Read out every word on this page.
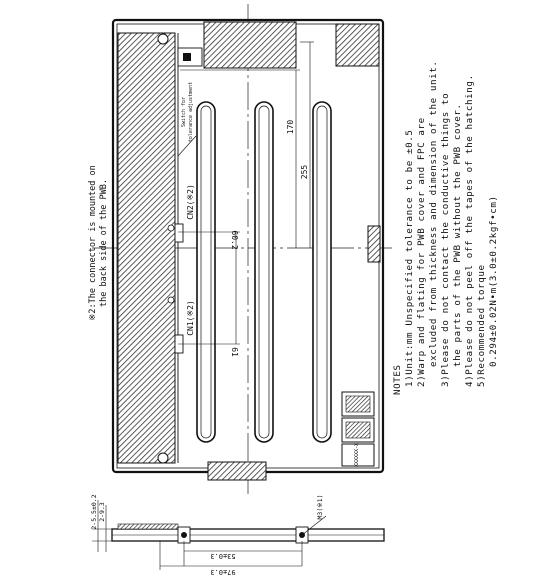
※2:The connector is mounted on the back side of the PWB.
Switch for tolerance adjustment
CN2(※2)
CN1(※2)
170
255
60.2
61
XXXXXX-X
2-5.5±0.2 2-9.3
53±0.3
97±0.3
M3(※1)
NOTES 1)Unit:mm Unspecified tolerance to be ±0.5 2)Warp and flating for PWB cover and FPC are excluded from thickness and dimension of the unit. 3)Please do not contact the conductive things to the parts of the PWB without the PWB cover. 4)Please do not peel off the tapes of the hatching. 5)Recommended torque 0.294±0.02N•m(3.0±0.2kgf•cm)
